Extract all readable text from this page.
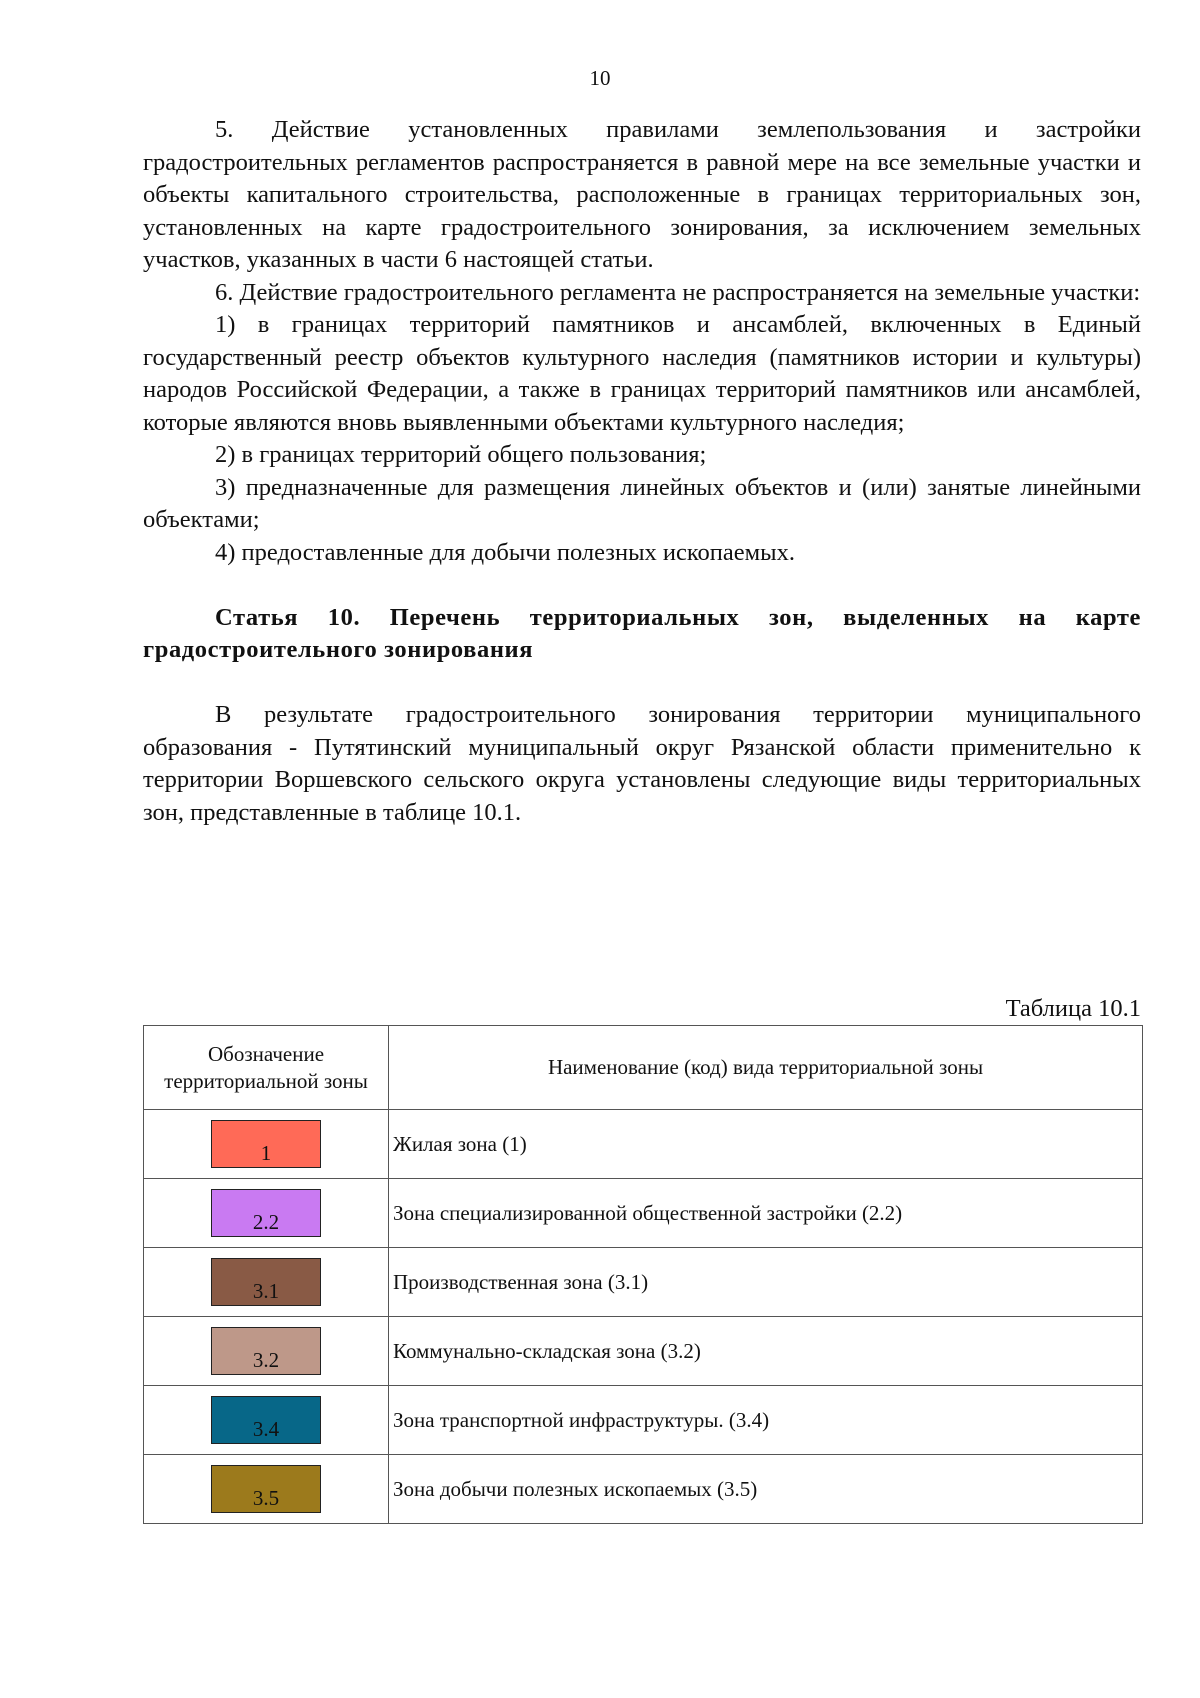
10

5. Действие установленных правилами землепользования и застройки градостроительных регламентов распространяется в равной мере на все земельные участки и объекты капитального строительства, расположенные в границах территориальных зон, установленных на карте градостроительного зонирования, за исключением земельных участков, указанных в части 6 настоящей статьи.

6. Действие градостроительного регламента не распространяется на земельные участки:

1) в границах территорий памятников и ансамблей, включенных в Единый государственный реестр объектов культурного наследия (памятников истории и культуры) народов Российской Федерации, а также в границах территорий памятников или ансамблей, которые являются вновь выявленными объектами культурного наследия;

2) в границах территорий общего пользования;

3) предназначенные для размещения линейных объектов и (или) занятые линейными объектами;

4) предоставленные для добычи полезных ископаемых.

Статья 10. Перечень территориальных зон, выделенных на карте градостроительного зонирования

В результате градостроительного зонирования территории муниципального образования - Путятинский муниципальный округ Рязанской области применительно к территории Воршевского сельского округа установлены следующие виды территориальных зон, представленные в таблице 10.1.

Таблица 10.1
Обозначение территориальной зоны	Наименование (код) вида территориальной зоны

1	Жилая зона (1)

2.2	Зона специализированной общественной застройки (2.2)

3.1	Производственная зона (3.1)

3.2	Коммунально-складская зона (3.2)

3.4	Зона транспортной инфраструктуры. (3.4)

3.5	Зона добычи полезных ископаемых (3.5)
